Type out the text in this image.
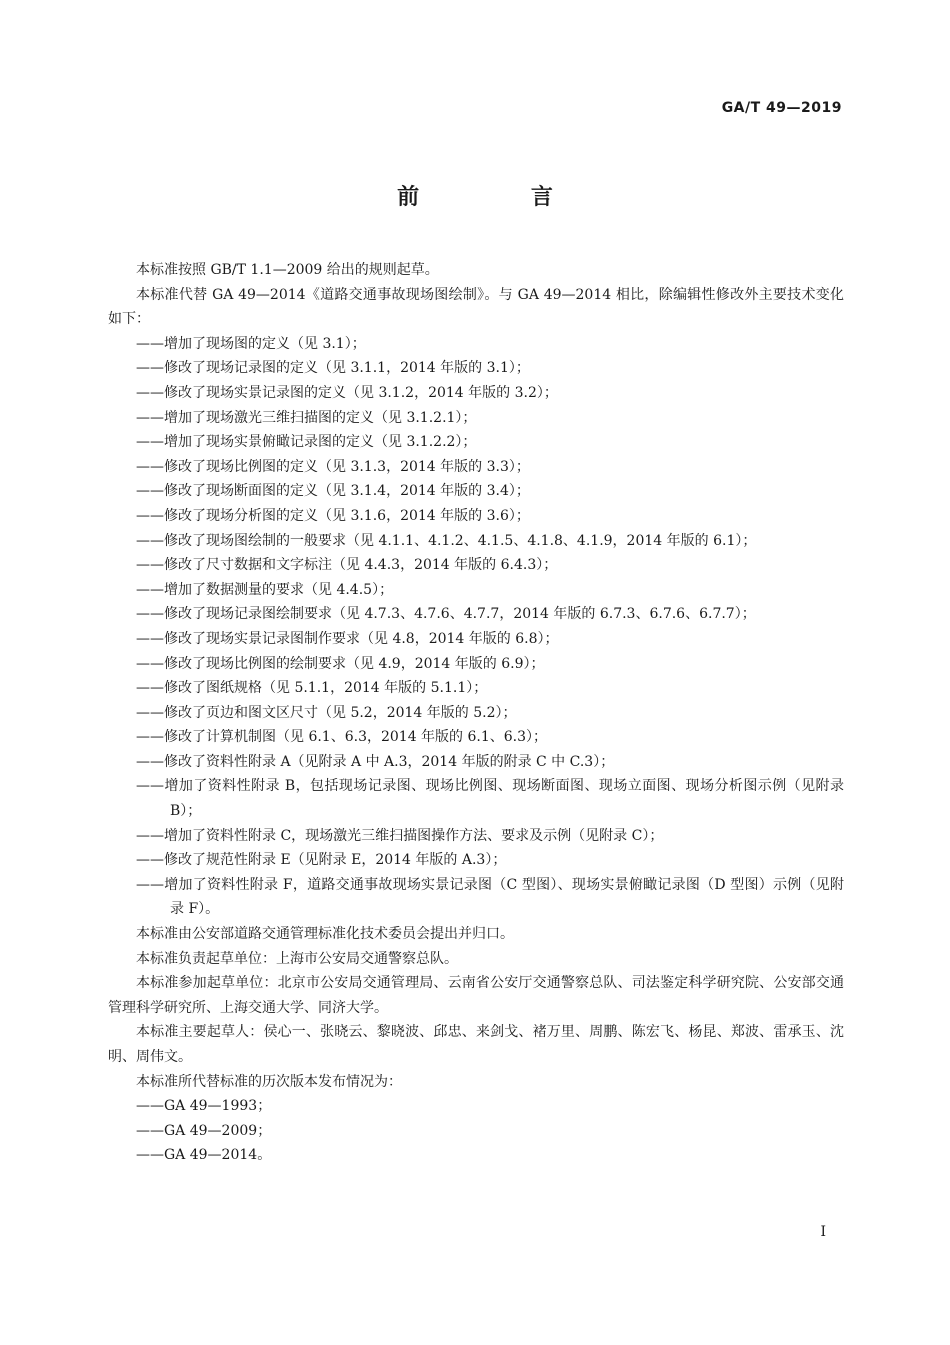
GA/T 49—2019
前 言

本标准按照 GB/T 1.1—2009 给出的规则起草。

本标准代替 GA 49—2014《道路交通事故现场图绘制》。与 GA 49—2014 相比，除编辑性修改外主要技术变化如下：

——增加了现场图的定义（见 3.1）；

——修改了现场记录图的定义（见 3.1.1，2014 年版的 3.1）；

——修改了现场实景记录图的定义（见 3.1.2，2014 年版的 3.2）；

——增加了现场激光三维扫描图的定义（见 3.1.2.1）；

——增加了现场实景俯瞰记录图的定义（见 3.1.2.2）；

——修改了现场比例图的定义（见 3.1.3，2014 年版的 3.3）；

——修改了现场断面图的定义（见 3.1.4，2014 年版的 3.4）；

——修改了现场分析图的定义（见 3.1.6，2014 年版的 3.6）；

——修改了现场图绘制的一般要求（见 4.1.1、4.1.2、4.1.5、4.1.8、4.1.9，2014 年版的 6.1）；

——修改了尺寸数据和文字标注（见 4.4.3，2014 年版的 6.4.3）；

——增加了数据测量的要求（见 4.4.5）；

——修改了现场记录图绘制要求（见 4.7.3、4.7.6、4.7.7，2014 年版的 6.7.3、6.7.6、6.7.7）；

——修改了现场实景记录图制作要求（见 4.8，2014 年版的 6.8）；

——修改了现场比例图的绘制要求（见 4.9，2014 年版的 6.9）；

——修改了图纸规格（见 5.1.1，2014 年版的 5.1.1）；

——修改了页边和图文区尺寸（见 5.2，2014 年版的 5.2）；

——修改了计算机制图（见 6.1、6.3，2014 年版的 6.1、6.3）；

——修改了资料性附录 A（见附录 A 中 A.3，2014 年版的附录 C 中 C.3）；

——增加了资料性附录 B，包括现场记录图、现场比例图、现场断面图、现场立面图、现场分析图示例（见附录 B）；

——增加了资料性附录 C，现场激光三维扫描图操作方法、要求及示例（见附录 C）；

——修改了规范性附录 E（见附录 E，2014 年版的 A.3）；

——增加了资料性附录 F，道路交通事故现场实景记录图（C 型图）、现场实景俯瞰记录图（D 型图）示例（见附录 F）。

本标准由公安部道路交通管理标准化技术委员会提出并归口。

本标准负责起草单位：上海市公安局交通警察总队。

本标准参加起草单位：北京市公安局交通管理局、云南省公安厅交通警察总队、司法鉴定科学研究院、公安部交通管理科学研究所、上海交通大学、同济大学。

本标准主要起草人：侯心一、张晓云、黎晓波、邱忠、来剑戈、褚万里、周鹏、陈宏飞、杨昆、郑波、雷承玉、沈明、周伟文。

本标准所代替标准的历次版本发布情况为：

——GA 49—1993；

——GA 49—2009；

——GA 49—2014。

I
